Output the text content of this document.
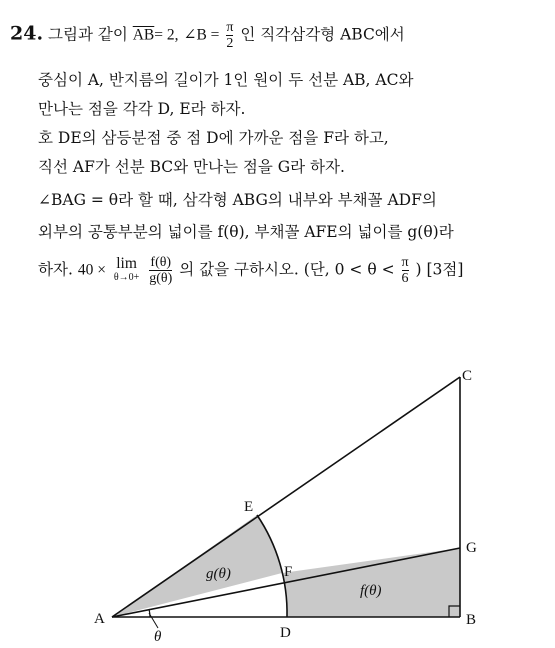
24. 그림과 같이 $\overline{AB}= 2$, ∠B = $\frac{\pi}{2}$ 인 직각삼각형 ABC에서
중심이 A, 반지름의 길이가 1인 원이 두 선분 AB, AC와
만나는 점을 각각 D, E라 하자.
호 DE의 삼등분점 중 점 D에 가까운 점을 F라 하고,
직선 AF가 선분 BC와 만나는 점을 G라 하자.
∠BAG = θ라 할 때, 삼각형 ABG의 내부와 부채꼴 ADF의
외부의 공통부분의 넓이를 f(θ), 부채꼴 AFE의 넓이를 g(θ)라
하자. 40 × lim
θ→0+
$\frac{f(\theta)}{g(\theta)}$ 의 값을 구하시오. (단, $0 < \theta < \frac{\pi}{6}$ ) [3점]
A	B
C
D
E
F
G
g(θ)
f(θ)
θ
